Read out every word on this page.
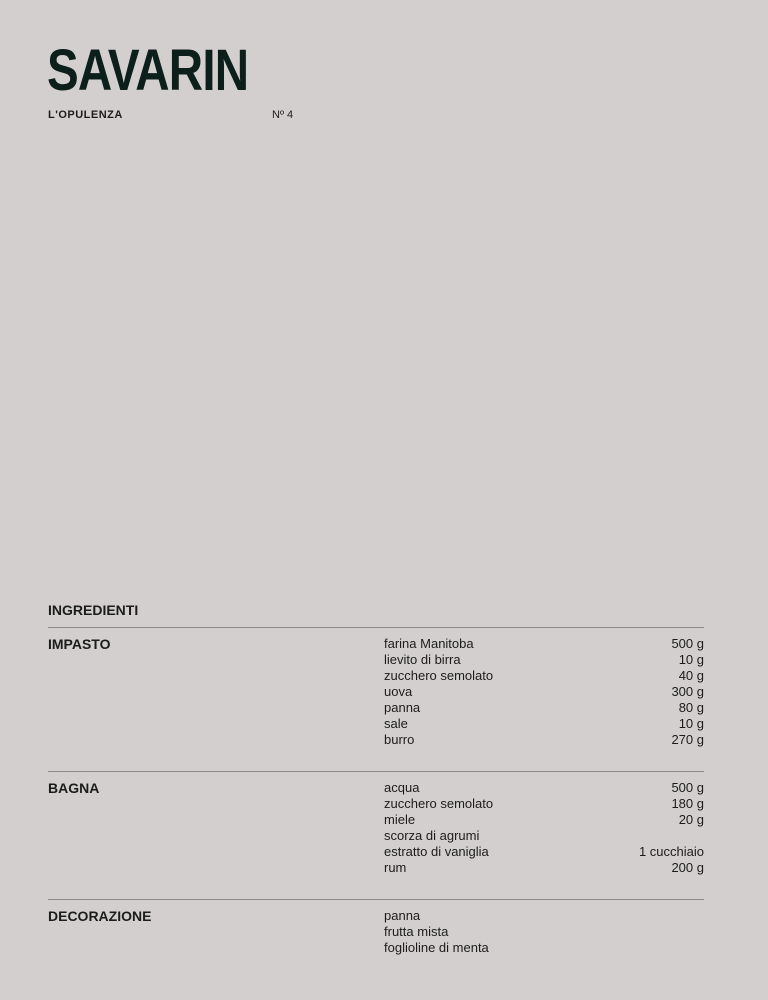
SAVARIN
L'OPULENZA	Nº 4
INGREDIENTI
IMPASTO	farina Manitoba	500 g
lievito di birra	10 g
zucchero semolato	40 g
uova	300 g
panna	80 g
sale	10 g
burro	270 g
BAGNA	acqua	500 g
zucchero semolato	180 g
miele	20 g
scorza di agrumi
estratto di vaniglia	1 cucchiaio
rum	200 g
DECORAZIONE	panna
frutta mista
foglioline di menta
